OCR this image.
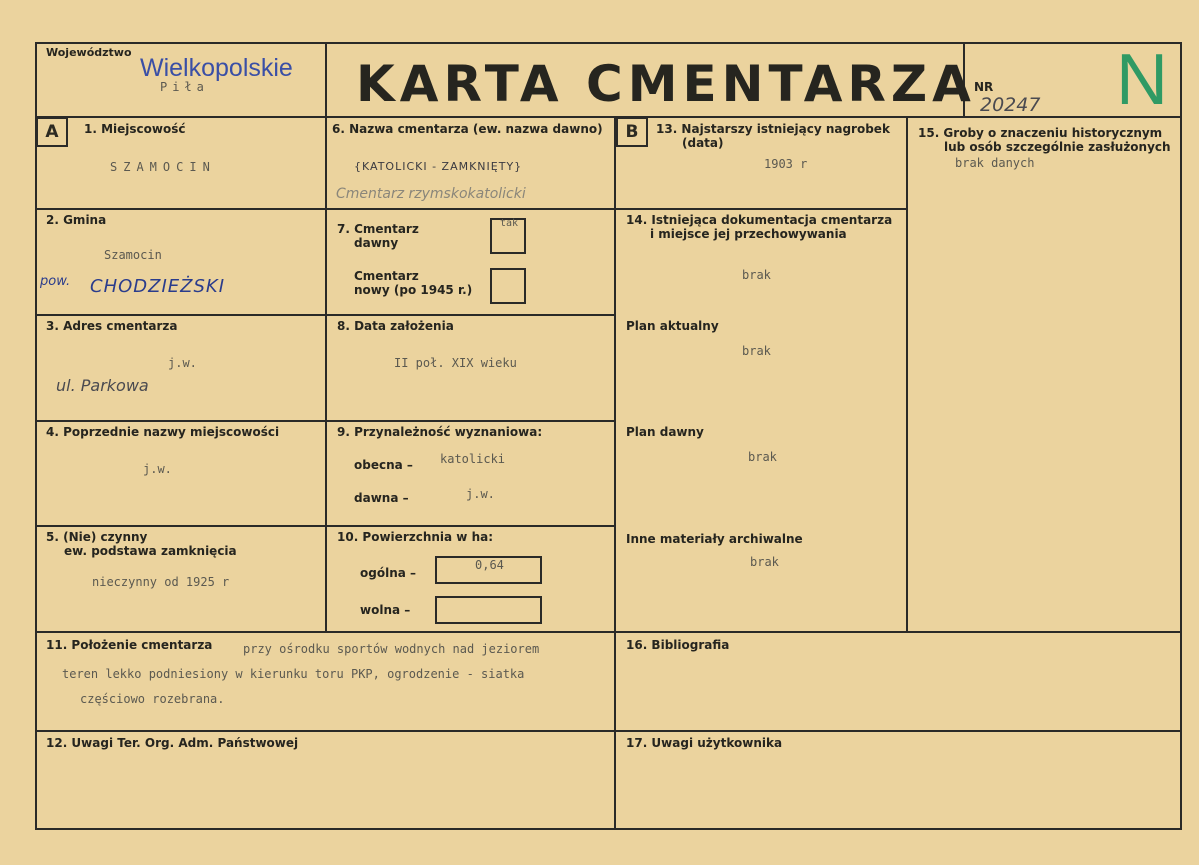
Województwo
Wielkopolskie
Piła	KARTA CMENTARZA
NR
20247 N
A	B
1. Miejscowość
SZAMOCIN
2. Gmina
Szamocin
pow. CHODZIEŻSKI
3. Adres cmentarza
j.w.
ul. Parkowa
4. Poprzednie nazwy miejscowości
j.w.
5. (Nie) czynny
ew. podstawa zamknięcia
nieczynny od 1925 r
6. Nazwa cmentarza (ew. nazwa dawno)
{KATOLICKI - ZAMKNIĘTY}
Cmentarz rzymskokatolicki
7. Cmentarz
dawny
tak
Cmentarz
nowy (po 1945 r.)
8. Data założenia
II poł. XIX wieku
9. Przynależność wyznaniowa:
obecna – katolicki
dawna –	j.w.
10. Powierzchnia w ha:
ogólna –
0,64
wolna –
13. Najstarszy istniejący nagrobek
(data)
1903 r
14. Istniejąca dokumentacja cmentarza
i miejsce jej przechowywania
brak
Plan aktualny
brak
Plan dawny
brak
Inne materiały archiwalne
brak
15. Groby o znaczeniu historycznym
lub osób szczególnie zasłużonych
brak danych
11. Położenie cmentarza	przy ośrodku sportów wodnych nad jeziorem
teren lekko podniesiony w kierunku toru PKP, ogrodzenie - siatka
częściowo rozebrana.
16. Bibliografia
12. Uwagi Ter. Org. Adm. Państwowej	17. Uwagi użytkownika
